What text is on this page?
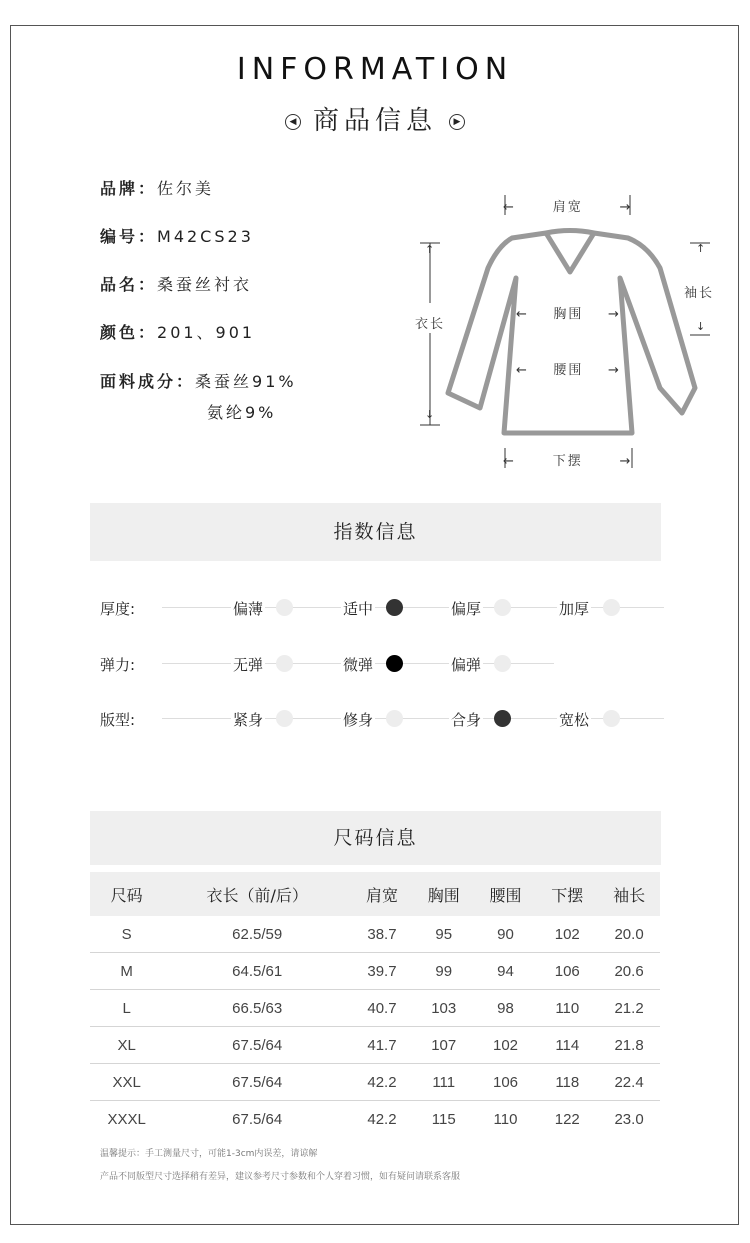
INFORMATION
◀ 商品信息 ▶
品牌：佐尔美
编号：M42CS23
品名：桑蚕丝衬衣
颜色：201、901
面料成分：桑蚕丝91%
氨纶9%
←      肩宽      →
衣长
↑
↓
←    胸围    →
←    腰围    →
←      下摆      →
↑
袖长
↓
指数信息
厚度:	偏薄	适中	偏厚	加厚
弹力:	无弹	微弹	偏弹
版型:	紧身	修身	合身	宽松
尺码信息
尺码	衣长（前/后）	肩宽	胸围	腰围	下摆	袖长
S	62.5/59	38.7	95	90	102	20.0
M	64.5/61	39.7	99	94	106	20.6
L	66.5/63	40.7	103	98	110	21.2
XL	67.5/64	41.7	107	102	114	21.8
XXL	67.5/64	42.2	111	106	118	22.4
XXXL	67.5/64	42.2	115	110	122	23.0
温馨提示：手工测量尺寸，可能1-3cm内误差，请谅解
产品不同版型尺寸选择稍有差异，建议参考尺寸参数和个人穿着习惯，如有疑问请联系客服
